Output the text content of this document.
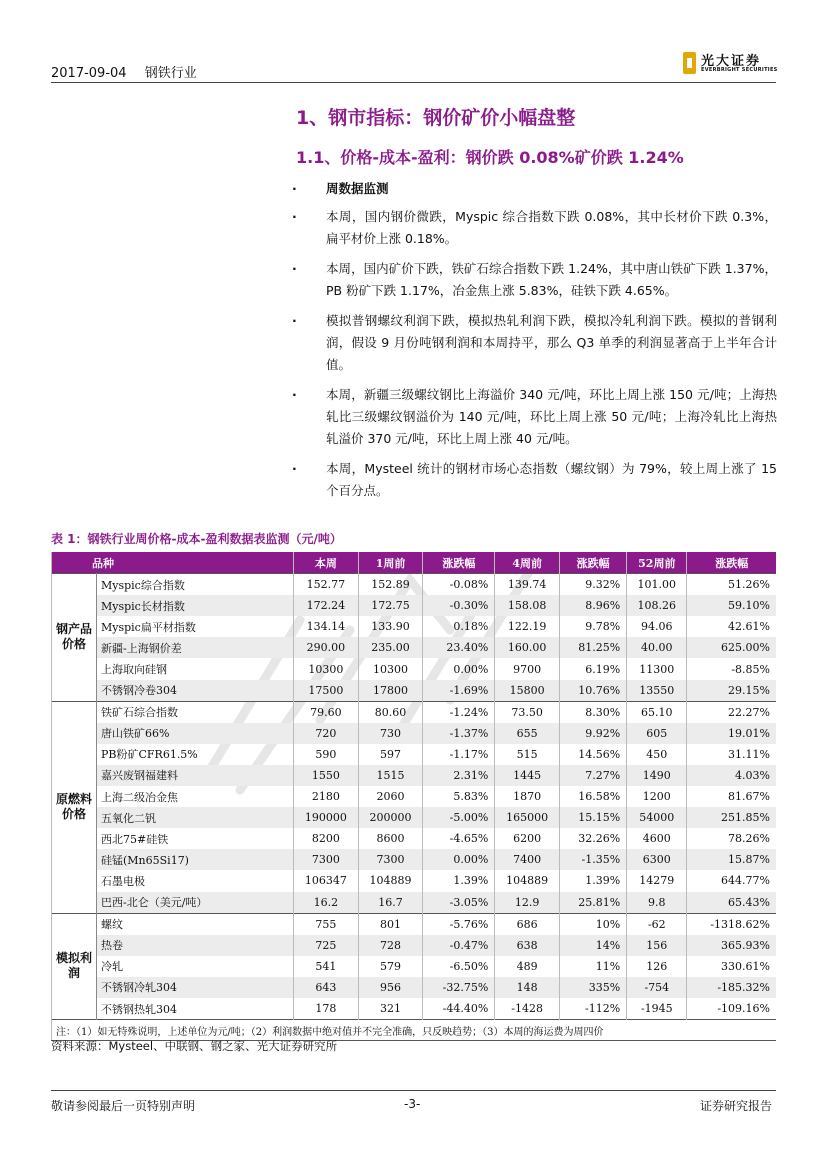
2017-09-04 钢铁行业
光大证券
EVERBRIGHT SECURITIES
1、钢市指标：钢价矿价小幅盘整
1.1、价格-成本-盈利：钢价跌 0.08%矿价跌 1.24%
· 周数据监测
· 本周，国内钢价微跌，Myspic 综合指数下跌 0.08%，其中长材价下跌 0.3%，扁平材价上涨 0.18%。
· 本周，国内矿价下跌，铁矿石综合指数下跌 1.24%，其中唐山铁矿下跌 1.37%，PB 粉矿下跌 1.17%，冶金焦上涨 5.83%，硅铁下跌 4.65%。
· 模拟普钢螺纹利润下跌，模拟热轧利润下跌，模拟冷轧利润下跌。模拟的普钢利润，假设 9 月份吨钢利润和本周持平，那么 Q3 单季的利润显著高于上半年合计值。
· 本周，新疆三级螺纹钢比上海溢价 340 元/吨，环比上周上涨 150 元/吨；上海热轧比三级螺纹钢溢价为 140 元/吨，环比上周上涨 50 元/吨；上海冷轧比上海热轧溢价 370 元/吨，环比上周上涨 40 元/吨。
· 本周，Mysteel 统计的钢材市场心态指数（螺纹钢）为 79%，较上周上涨了 15 个百分点。
表 1：钢铁行业周价格-成本-盈利数据表监测（元/吨）
品种		本周	1周前	涨跌幅	4周前	涨跌幅	52周前	涨跌幅
钢产品价格	Myspic综合指数	152.77	152.89	-0.08%	139.74	9.32%	101.00	51.26%
	Myspic长材指数	172.24	172.75	-0.30%	158.08	8.96%	108.26	59.10%
	Myspic扁平材指数	134.14	133.90	0.18%	122.19	9.78%	94.06	42.61%
	新疆-上海钢价差	290.00	235.00	23.40%	160.00	81.25%	40.00	625.00%
	上海取向硅钢	10300	10300	0.00%	9700	6.19%	11300	-8.85%
	不锈钢冷卷304	17500	17800	-1.69%	15800	10.76%	13550	29.15%
原燃料价格	铁矿石综合指数	79.60	80.60	-1.24%	73.50	8.30%	65.10	22.27%
	唐山铁矿66%	720	730	-1.37%	655	9.92%	605	19.01%
	PB粉矿CFR61.5%	590	597	-1.17%	515	14.56%	450	31.11%
	嘉兴废钢福建料	1550	1515	2.31%	1445	7.27%	1490	4.03%
	上海二级冶金焦	2180	2060	5.83%	1870	16.58%	1200	81.67%
	五氧化二钒	190000	200000	-5.00%	165000	15.15%	54000	251.85%
	西北75#硅铁	8200	8600	-4.65%	6200	32.26%	4600	78.26%
	硅锰(Mn65Si17)	7300	7300	0.00%	7400	-1.35%	6300	15.87%
	石墨电极	106347	104889	1.39%	104889	1.39%	14279	644.77%
	巴西-北仑（美元/吨）	16.2	16.7	-3.05%	12.9	25.81%	9.8	65.43%
模拟利润	螺纹	755	801	-5.76%	686	10%	-62	-1318.62%
	热卷	725	728	-0.47%	638	14%	156	365.93%
	冷轧	541	579	-6.50%	489	11%	126	330.61%
	不锈钢冷轧304	643	956	-32.75%	148	335%	-754	-185.32%
	不锈钢热轧304	178	321	-44.40%	-1428	-112%	-1945	-109.16%
注：（1）如无特殊说明，上述单位为元/吨；（2）利润数据中绝对值并不完全准确，只反映趋势；（3）本周的海运费为周四价								
资料来源：Mysteel、中联钢、钢之家、光大证券研究所
敬请参阅最后一页特别声明	-3-	证券研究报告
